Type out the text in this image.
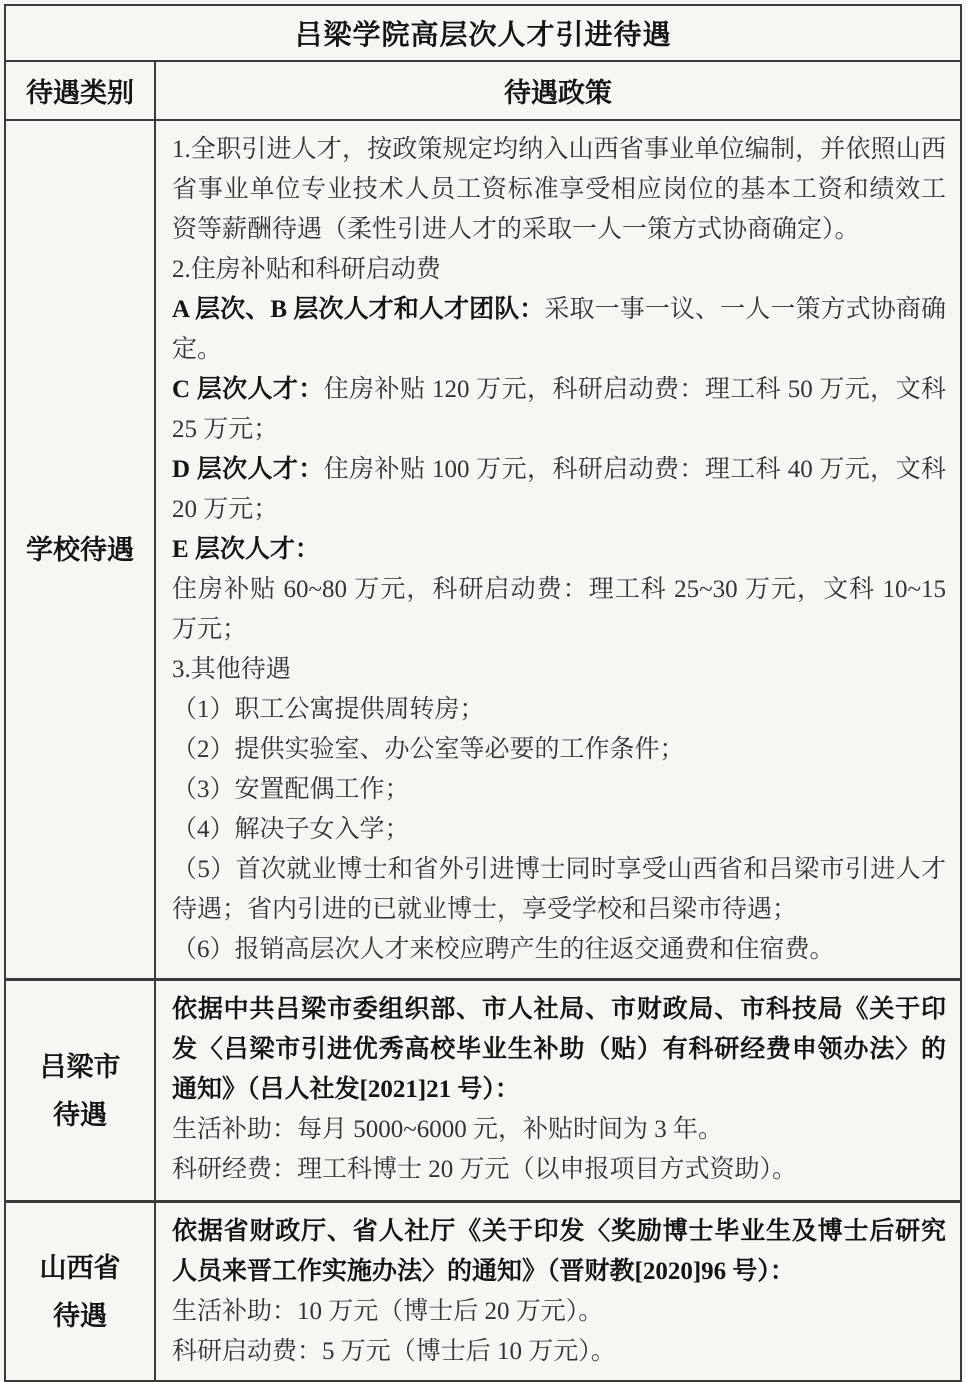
吕梁学院高层次人才引进待遇
待遇类别	待遇政策
学校待遇

1.全职引进人才，按政策规定均纳入山西省事业单位编制，并依照山西省事业单位专业技术人员工资标准享受相应岗位的基本工资和绩效工资等薪酬待遇（柔性引进人才的采取一人一策方式协商确定）。

2.住房补贴和科研启动费

A 层次、B 层次人才和人才团队：采取一事一议、一人一策方式协商确定。

C 层次人才：住房补贴 120 万元，科研启动费：理工科 50 万元，文科 25 万元；

D 层次人才：住房补贴 100 万元，科研启动费：理工科 40 万元，文科 20 万元；

E 层次人才：

住房补贴 60~80 万元，科研启动费：理工科 25~30 万元，文科 10~15 万元；

3.其他待遇

（1）职工公寓提供周转房；

（2）提供实验室、办公室等必要的工作条件；

（3）安置配偶工作；

（4）解决子女入学；

（5）首次就业博士和省外引进博士同时享受山西省和吕梁市引进人才待遇；省内引进的已就业博士，享受学校和吕梁市待遇；

（6）报销高层次人才来校应聘产生的往返交通费和住宿费。

吕梁市
待遇

依据中共吕梁市委组织部、市人社局、市财政局、市科技局《关于印发〈吕梁市引进优秀高校毕业生补助（贴）有科研经费申领办法〉的通知》（吕人社发[2021]21 号）：

生活补助：每月 5000~6000 元，补贴时间为 3 年。

科研经费：理工科博士 20 万元（以申报项目方式资助）。

山西省
待遇

依据省财政厅、省人社厅《关于印发〈奖励博士毕业生及博士后研究人员来晋工作实施办法〉的通知》（晋财教[2020]96 号）：

生活补助：10 万元（博士后 20 万元）。

科研启动费：5 万元（博士后 10 万元）。
